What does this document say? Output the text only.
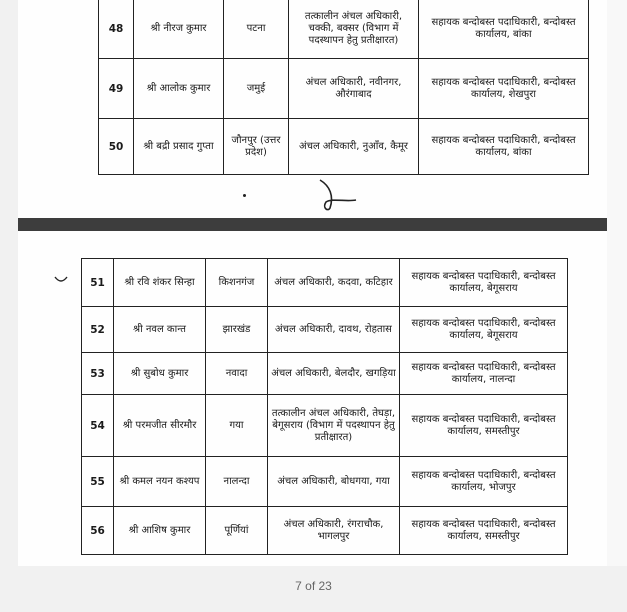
48	श्री नीरज कुमार	पटना	तत्कालीन अंचल अधिकारी, चक्की, बक्सर (विभाग में पदस्थापन हेतु प्रतीक्षारत)	सहायक बन्दोबस्त पदाधिकारी, बन्दोबस्त कार्यालय, बांका
49	श्री आलोक कुमार	जमुई	अंचल अधिकारी, नवीनगर, औरंगाबाद	सहायक बन्दोबस्त पदाधिकारी, बन्दोबस्त कार्यालय, शेखपुरा
50	श्री बद्री प्रसाद गुप्ता	जौनपुर (उत्तर प्रदेश)	अंचल अधिकारी, नुआँव, कैमूर	सहायक बन्दोबस्त पदाधिकारी, बन्दोबस्त कार्यालय, बांका
51	श्री रवि शंकर सिन्हा	किशनगंज	अंचल अधिकारी, कदवा, कटिहार	सहायक बन्दोबस्त पदाधिकारी, बन्दोबस्त कार्यालय, बेगूसराय
52	श्री नवल कान्त	झारखंड	अंचल अधिकारी, दावथ, रोहतास	सहायक बन्दोबस्त पदाधिकारी, बन्दोबस्त कार्यालय, बेगूसराय
53	श्री सुबोध कुमार	नवादा	अंचल अधिकारी, बेलदौर, खगड़िया	सहायक बन्दोबस्त पदाधिकारी, बन्दोबस्त कार्यालय, नालन्दा
54	श्री परमजीत सीरमौर	गया	तत्कालीन अंचल अधिकारी, तेघड़ा, बेगूसराय (विभाग में पदस्थापन हेतु प्रतीक्षारत)	सहायक बन्दोबस्त पदाधिकारी, बन्दोबस्त कार्यालय, समस्तीपुर
55	श्री कमल नयन कश्यप	नालन्दा	अंचल अधिकारी, बोधगया, गया	सहायक बन्दोबस्त पदाधिकारी, बन्दोबस्त कार्यालय, भोजपुर
56	श्री आशिष कुमार	पूर्णियां	अंचल अधिकारी, रंगराचौक, भागलपुर	सहायक बन्दोबस्त पदाधिकारी, बन्दोबस्त कार्यालय, समस्तीपुर
7 of 23
